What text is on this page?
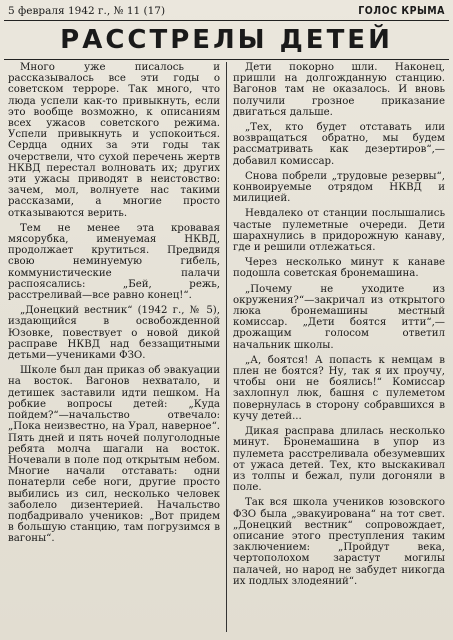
5 февраля 1942 г., № 11 (17)	ГОЛОС КРЫМА
РАССТРЕЛЫ ДЕТЕЙ

Много уже писалось и рассказывалось все эти годы о советском терроре. Так много, что люда успели как-то привыкнуть, если это вообще возможно, к описаниям всех ужасов советского режима. Успели привыкнуть и успокоиться. Сердца одних за эти годы так очерствели, что сухой перечень жертв НКВД перестал волновать их; других эти ужасы приводят в неистовство: зачем, мол, волнуете нас такими рассказами, а многие просто отказываются верить.

Тем не менее эта кровавая мясорубка, именуемая НКВД, продолжает крутиться. Предвидя свою неминуемую гибель, коммунистические палачи распоясались: „Бей, режь, расстреливай—все равно конец!“.

„Донецкий вестник“ (1942 г., № 5), издающийся в освобожденной Юзовке, повествует о новой дикой расправе НКВД над беззащитными детьми—учениками ФЗО.

Школе был дан приказ об эвакуации на восток. Вагонов нехватало, и детишек заставили идти пешком. На робкие вопросы детей: „Куда пойдем?“—начальство отвечало: „Пока неизвестно, на Урал, наверное“. Пять дней и пять ночей полуголодные ребята молча шагали на восток. Ночевали в поле под открытым небом. Многие начали отставать: одни понатерли себе ноги, другие просто выбились из сил, несколько человек заболело дизентерией. Начальство подбадривало учеников: „Вот придем в большую станцию, там погрузимся в вагоны“.

Дети покорно шли. Наконец, пришли на долгожданную станцию. Вагонов там не оказалось. И вновь получили грозное приказание двигаться дальше.

„Тех, кто будет отставать или возвращаться обратно, мы будем рассматривать как дезертиров“,—добавил комиссар.

Снова побрели „трудовые резервы“, конвоируемые отрядом НКВД и милицией.

Невдалеко от станции послышались частые пулеметные очереди. Дети шарахнулись в придорожную канаву, где и решили отлежаться.

Через несколько минут к канаве подошла советская бронемашина.

„Почему не уходите из окружения?“—закричал из открытого люка бронемашины местный комиссар. „Дети боятся итти“,—дрожащим голосом ответил начальник школы.

„А, боятся! А попасть к немцам в плен не боятся? Ну, так я их проучу, чтобы они не боялись!“ Комиссар захлопнул люк, башня с пулеметом повернулась в сторону собравшихся в кучу детей...

Дикая расправа длилась несколько минут. Бронемашина в упор из пулемета расстреливала обезумевших от ужаса детей. Тех, кто выскакивал из толпы и бежал, пули догоняли в поле.

Так вся школа учеников юзовского ФЗО была „эвакуирована“ на тот свет. „Донецкий вестник“ сопровождает, описание этого преступления таким заключением: „Пройдут века, чертополохом зарастут могилы палачей, но народ не забудет никогда их подлых злодеяний“.
